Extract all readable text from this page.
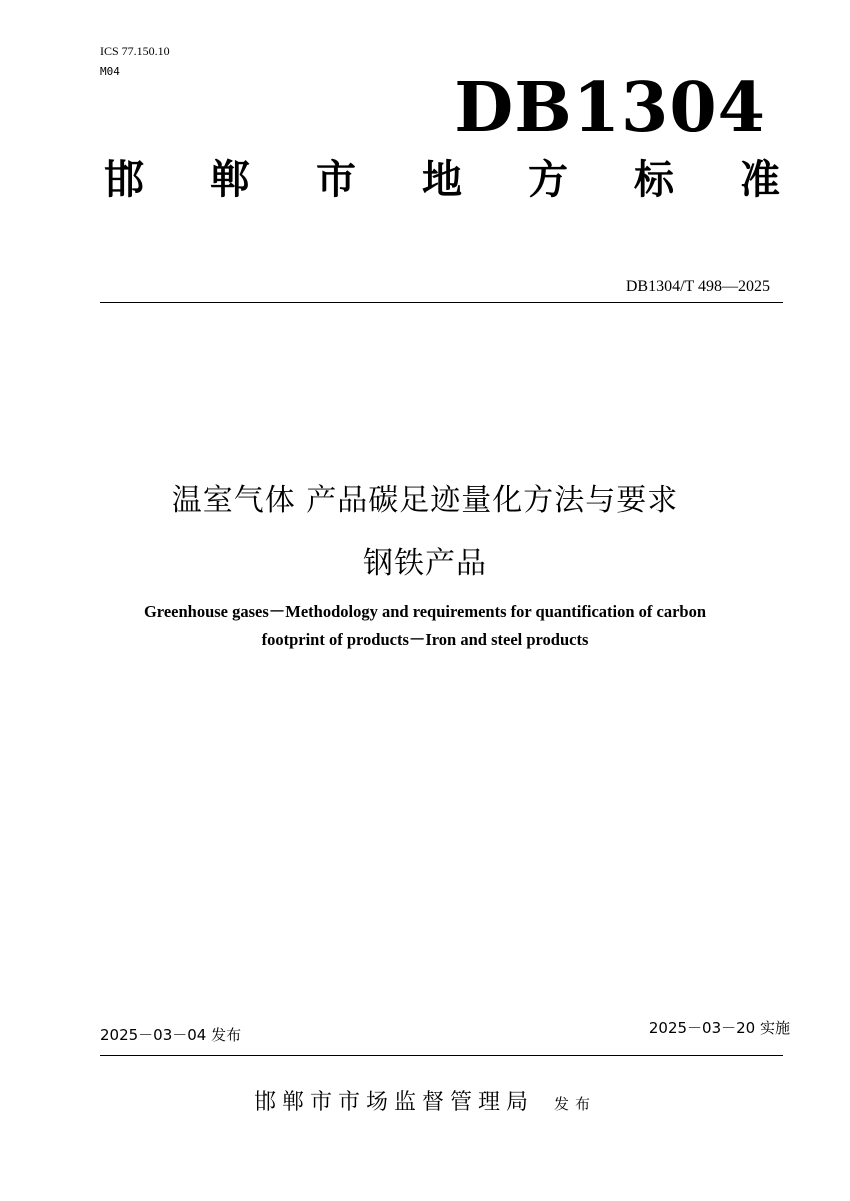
ICS 77.150.10
M04	DB1304
邯 郸 市 地 方 标 准
DB1304/T 498—2025
温室气体 产品碳足迹量化方法与要求
钢铁产品
Greenhouse gases－Methodology and requirements for quantification of carbon
footprint of products－Iron and steel products
2025－03－04 发布	2025－03－20 实施
邯郸市市场监督管理局 发布
